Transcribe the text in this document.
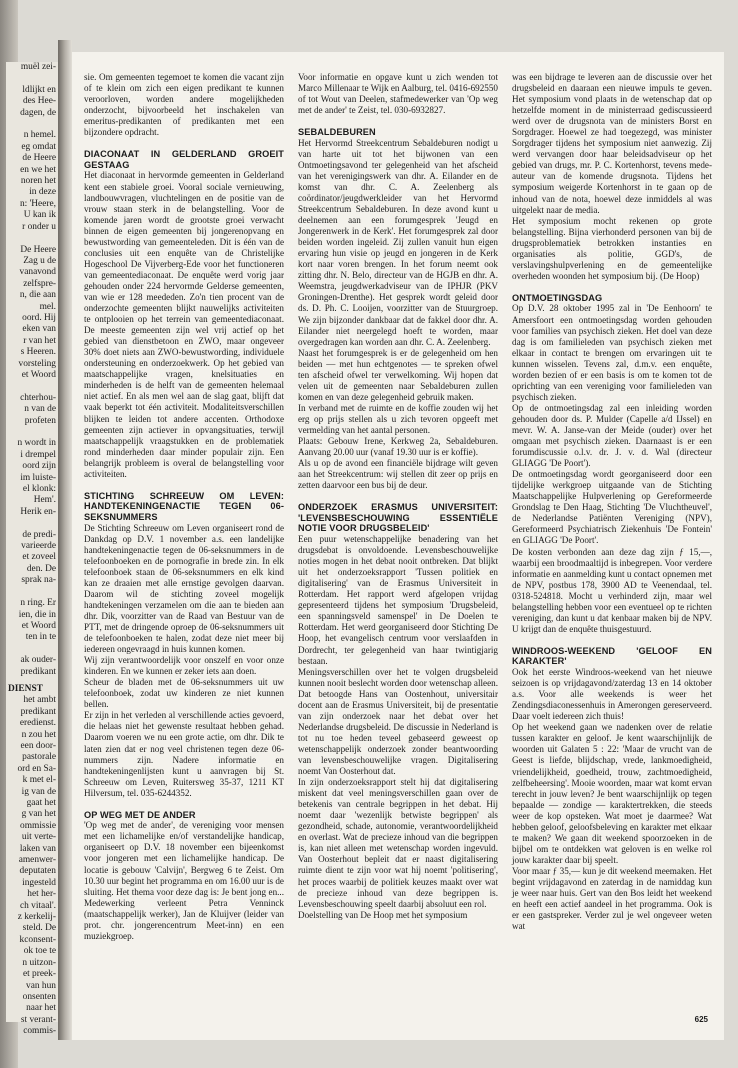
muël zei-

ldlijkt en
des Hee-
dagen, de

n hemel.
eg omdat
de Heere
en we het
noren het
in deze
n: 'Heere,
U kan ik
r onder u

De Heere
Zag u de
vanavond
zelfspre-
n, die aan
mel.
oord. Hij
eken van
r van het
s Heeren.
vorsteling
et Woord

chterhou-
n van de
profeten

n wordt in
i drempel
oord zijn
im luiste-
el klonk:
Hem'.
Herik en-

de predi-
varieerde
et zoveel
den. De
sprak na-

n ring. Er
ien, die in
et Woord
ten in te

ak ouder-
predikant
DIENST
het ambt
predikant
eredienst.
n zou het
een door-
pastorale
ord en Sa-
k met el-
ig van de
gaat het
g van het
ommissie
uit verte-
laken van
amenwer-
deputaten
ingesteld
het her-
ch vitaal'.
z kerkelij-
steld. De
kconsent-
ok toe te
n uitzon-
et preek-
van hun
onsenten
naar het
st verant-
commis-

sie. Om gemeenten tegemoet te komen die vacant zijn of te klein om zich een eigen predikant te kunnen veroorloven, worden andere mogelijkheden onderzocht, bijvoorbeeld het inschakelen van emeritus-predikanten of predikanten met een bijzondere opdracht.

DIACONAAT IN GELDERLAND GROEIT GESTAAG

Het diaconaat in hervormde gemeenten in Gelderland kent een stabiele groei. Vooral sociale vernieuwing, landbouwvragen, vluchtelingen en de positie van de vrouw staan sterk in de belangstelling. Voor de komende jaren wordt de grootste groei verwacht binnen de eigen gemeenten bij jongerenopvang en bewustwording van gemeenteleden. Dit is één van de conclusies uit een enquête van de Christelijke Hogeschool De Vijverberg-Ede voor het functioneren van gemeentediaconaat. De enquête werd vorig jaar gehouden onder 224 hervormde Gelderse gemeenten, van wie er 128 meededen. Zo'n tien procent van de onderzochte gemeenten blijkt nauwelijks activiteiten te ontplooien op het terrein van gemeentediaconaat. De meeste gemeenten zijn wel vrij actief op het gebied van dienstbetoon en ZWO, maar ongeveer 30% doet niets aan ZWO-bewustwording, individuele ondersteuning en onderzoekwerk. Op het gebied van maatschappelijke vragen, knelsituaties en minderheden is de helft van de gemeenten helemaal niet actief. En als men wel aan de slag gaat, blijft dat vaak beperkt tot één activiteit. Modaliteitsverschillen blijken te leiden tot andere accenten. Orthodoxe gemeenten zijn actiever in opvangsituaties, terwijl maatschappelijk vraagstukken en de problematiek rond minderheden daar minder populair zijn. Een belangrijk probleem is overal de belangstelling voor activiteiten.

STICHTING SCHREEUW OM LEVEN: HANDTEKENINGENACTIE TEGEN 06-SEKSNUMMERS

De Stichting Schreeuw om Leven organiseert rond de Dankdag op D.V. 1 november a.s. een landelijke handtekeningenactie tegen de 06-seksnummers in de telefoonboeken en de pornografie in brede zin. In elk telefoonboek staan de 06-seksnummers en elk kind kan ze draaien met alle ernstige gevolgen daarvan. Daarom wil de stichting zoveel mogelijk handtekeningen verzamelen om die aan te bieden aan dhr. Dik, voorzitter van de Raad van Bestuur van de PTT, met de dringende oproep de 06-seksnummers uit de telefoonboeken te halen, zodat deze niet meer bij iedereen ongevraagd in huis kunnen komen.

Wij zijn verantwoordelijk voor onszelf en voor onze kinderen. En we kunnen er zeker iets aan doen.

Scheur de bladen met de 06-seksnummers uit uw telefoonboek, zodat uw kinderen ze niet kunnen bellen.

Er zijn in het verleden al verschillende acties gevoerd, die helaas niet het gewenste resultaat hebben gehad. Daarom voeren we nu een grote actie, om dhr. Dik te laten zien dat er nog veel christenen tegen deze 06-nummers zijn. Nadere informatie en handtekeningenlijsten kunt u aanvragen bij St. Schreeuw om Leven, Ruitersweg 35-37, 1211 KT Hilversum, tel. 035-6244352.

OP WEG MET DE ANDER

'Op weg met de ander', de vereniging voor mensen met een lichamelijke en/of verstandelijke handicap, organiseert op D.V. 18 november een bijeenkomst voor jongeren met een lichamelijke handicap. De locatie is gebouw 'Calvijn', Bergweg 6 te Zeist. Om 10.30 uur begint het programma en om 16.00 uur is de sluiting. Het thema voor deze dag is: Je bent jong en... Medewerking verleent Petra Venninck (maatschappelijk werker), Jan de Kluijver (leider van prot. chr. jongerencentrum Meet-inn) en een muziekgroep.

Voor informatie en opgave kunt u zich wenden tot Marco Millenaar te Wijk en Aalburg, tel. 0416-692550 of tot Wout van Deelen, stafmedewerker van 'Op weg met de ander' te Zeist, tel. 030-6932827.

SEBALDEBUREN

Het Hervormd Streekcentrum Sebaldeburen nodigt u van harte uit tot het bijwonen van een Ontmoetingsavond ter gelegenheid van het afscheid van het verenigingswerk van dhr. A. Eilander en de komst van dhr. C. A. Zeelenberg als coördinator/jeugdwerkleider van het Hervormd Streekcentrum Sebaldeburen. In deze avond kunt u deelnemen aan een forumgesprek 'Jeugd en Jongerenwerk in de Kerk'. Het forumgesprek zal door beiden worden ingeleid. Zij zullen vanuit hun eigen ervaring hun visie op jeugd en jongeren in de Kerk kort naar voren brengen. In het forum neemt ook zitting dhr. N. Belo, directeur van de HGJB en dhr. A. Weemstra, jeugdwerkadviseur van de IPHJR (PKV Groningen-Drenthe). Het gesprek wordt geleid door ds. D. Ph. C. Looijen, voorzitter van de Stuurgroep. We zijn bijzonder dankbaar dat de fakkel door dhr. A. Eilander niet neergelegd hoeft te worden, maar overgedragen kan worden aan dhr. C. A. Zeelenberg.

Naast het forumgesprek is er de gelegenheid om hen beiden — met hun echtgenotes — te spreken ofwel ten afscheid ofwel ter verwelkoming. Wij hopen dat velen uit de gemeenten naar Sebaldeburen zullen komen en van deze gelegenheid gebruik maken.

In verband met de ruimte en de koffie zouden wij het erg op prijs stellen als u zich tevoren opgeeft met vermelding van het aantal personen.

Plaats: Gebouw Irene, Kerkweg 2a, Sebaldeburen. Aanvang 20.00 uur (vanaf 19.30 uur is er koffie).

Als u op de avond een financiële bijdrage wilt geven aan het Streekcentrum: wij stellen dit zeer op prijs en zetten daarvoor een bus bij de deur.

ONDERZOEK ERASMUS UNIVERSITEIT: 'LEVENSBESCHOUWING ESSENTIËLE NOTIE VOOR DRUGSBELEID'

Een puur wetenschappelijke benadering van het drugsdebat is onvoldoende. Levensbeschouwelijke noties mogen in het debat nooit ontbreken. Dat blijkt uit het onderzoeksrapport 'Tussen politiek en digitalisering' van de Erasmus Universiteit in Rotterdam. Het rapport werd afgelopen vrijdag gepresenteerd tijdens het symposium 'Drugsbeleid, een spanningsveld samenspel' in De Doelen te Rotterdam. Het werd georganiseerd door Stichting De Hoop, het evangelisch centrum voor verslaafden in Dordrecht, ter gelegenheid van haar twintigjarig bestaan.

Meningsverschillen over het te volgen drugsbeleid kunnen nooit beslecht worden door wetenschap alleen. Dat betoogde Hans van Oostenhout, universitair docent aan de Erasmus Universiteit, bij de presentatie van zijn onderzoek naar het debat over het Nederlandse drugsbeleid. De discussie in Nederland is tot nu toe heden teveel gebaseerd geweest op wetenschappelijk onderzoek zonder beantwoording van levensbeschouwelijke vragen. Digitalisering noemt Van Oosterhout dat.

In zijn onderzoeksrapport stelt hij dat digitalisering miskent dat veel meningsverschillen gaan over de betekenis van centrale begrippen in het debat. Hij noemt daar 'wezenlijk betwiste begrippen' als gezondheid, schade, autonomie, verantwoordelijkheid en overlast. Wat de precieze inhoud van die begrippen is, kan niet alleen met wetenschap worden ingevuld. Van Oosterhout bepleit dat er naast digitalisering ruimte dient te zijn voor wat hij noemt 'politisering', het proces waarbij de politiek keuzes maakt over wat de precieze inhoud van deze begrippen is. Levensbeschouwing speelt daarbij absoluut een rol.

Doelstelling van De Hoop met het symposium

was een bijdrage te leveren aan de discussie over het drugsbeleid en daaraan een nieuwe impuls te geven. Het symposium vond plaats in de wetenschap dat op hetzelfde moment in de ministerraad gediscussieerd werd over de drugsnota van de ministers Borst en Sorgdrager. Hoewel ze had toegezegd, was minister Sorgdrager tijdens het symposium niet aanwezig. Zij werd vervangen door haar beleidsadviseur op het gebied van drugs, mr. P. C. Kortenhorst, tevens mede-auteur van de komende drugsnota. Tijdens het symposium weigerde Kortenhorst in te gaan op de inhoud van de nota, hoewel deze inmiddels al was uitgelekt naar de media.

Het symposium mocht rekenen op grote belangstelling. Bijna vierhonderd personen van bij de drugsproblematiek betrokken instanties en organisaties als politie, GGD's, de verslavingshulpverlening en de gemeentelijke overheden woonden het symposium bij. (De Hoop)

ONTMOETINGSDAG

Op D.V. 28 oktober 1995 zal in 'De Eenhoorn' te Amersfoort een ontmoetingsdag worden gehouden voor families van psychisch zieken. Het doel van deze dag is om familieleden van psychisch zieken met elkaar in contact te brengen om ervaringen uit te kunnen wisselen. Tevens zal, d.m.v. een enquête, worden bezien of er een basis is om te komen tot de oprichting van een vereniging voor familieleden van psychisch zieken.

Op de ontmoetingsdag zal een inleiding worden gehouden door ds. P. Mulder (Capelle a/d IJssel) en mevr. W. A. Janse-van der Meide (ouder) over het omgaan met psychisch zieken. Daarnaast is er een forumdiscussie o.l.v. dr. J. v. d. Wal (directeur GLIAGG 'De Poort').

De ontmoetingsdag wordt georganiseerd door een tijdelijke werkgroep uitgaande van de Stichting Maatschappelijke Hulpverlening op Gereformeerde Grondslag te Den Haag, Stichting 'De Vluchtheuvel', de Nederlandse Patiënten Vereniging (NPV), Gereformeerd Psychiatrisch Ziekenhuis 'De Fontein' en GLIAGG 'De Poort'.

De kosten verbonden aan deze dag zijn ƒ 15,—, waarbij een broodmaaltijd is inbegrepen. Voor verdere informatie en aanmelding kunt u contact opnemen met de NPV, postbus 178, 3900 AD te Veenendaal, tel. 0318-524818. Mocht u verhinderd zijn, maar wel belangstelling hebben voor een eventueel op te richten vereniging, dan kunt u dat kenbaar maken bij de NPV. U krijgt dan de enquête thuisgestuurd.

WINDROOS-WEEKEND 'GELOOF EN KARAKTER'

Ook het eerste Windroos-weekend van het nieuwe seizoen is op vrijdagavond/zaterdag 13 en 14 oktober a.s. Voor alle weekends is weer het Zendingsdiaconessenhuis in Amerongen gereserveerd. Daar voelt iedereen zich thuis!

Op het weekend gaan we nadenken over de relatie tussen karakter en geloof. Je kent waarschijnlijk de woorden uit Galaten 5 : 22: 'Maar de vrucht van de Geest is liefde, blijdschap, vrede, lankmoedigheid, vriendelijkheid, goedheid, trouw, zachtmoedigheid, zelfbeheersing'. Mooie woorden, maar wat komt ervan terecht in jouw leven? Je bent waarschijnlijk op tegen bepaalde — zondige — karaktertrekken, die steeds weer de kop opsteken. Wat moet je daarmee? Wat hebben geloof, geloofsbeleving en karakter met elkaar te maken? We gaan dit weekend spoorzoeken in de bijbel om te ontdekken wat geloven is en welke rol jouw karakter daar bij speelt.

Voor maar ƒ 35,— kun je dit weekend meemaken. Het begint vrijdagavond en zaterdag in de namiddag kun je weer naar huis. Gert van den Bos leidt het weekend en heeft een actief aandeel in het programma. Ook is er een gastspreker. Verder zul je wel ongeveer weten wat

625
